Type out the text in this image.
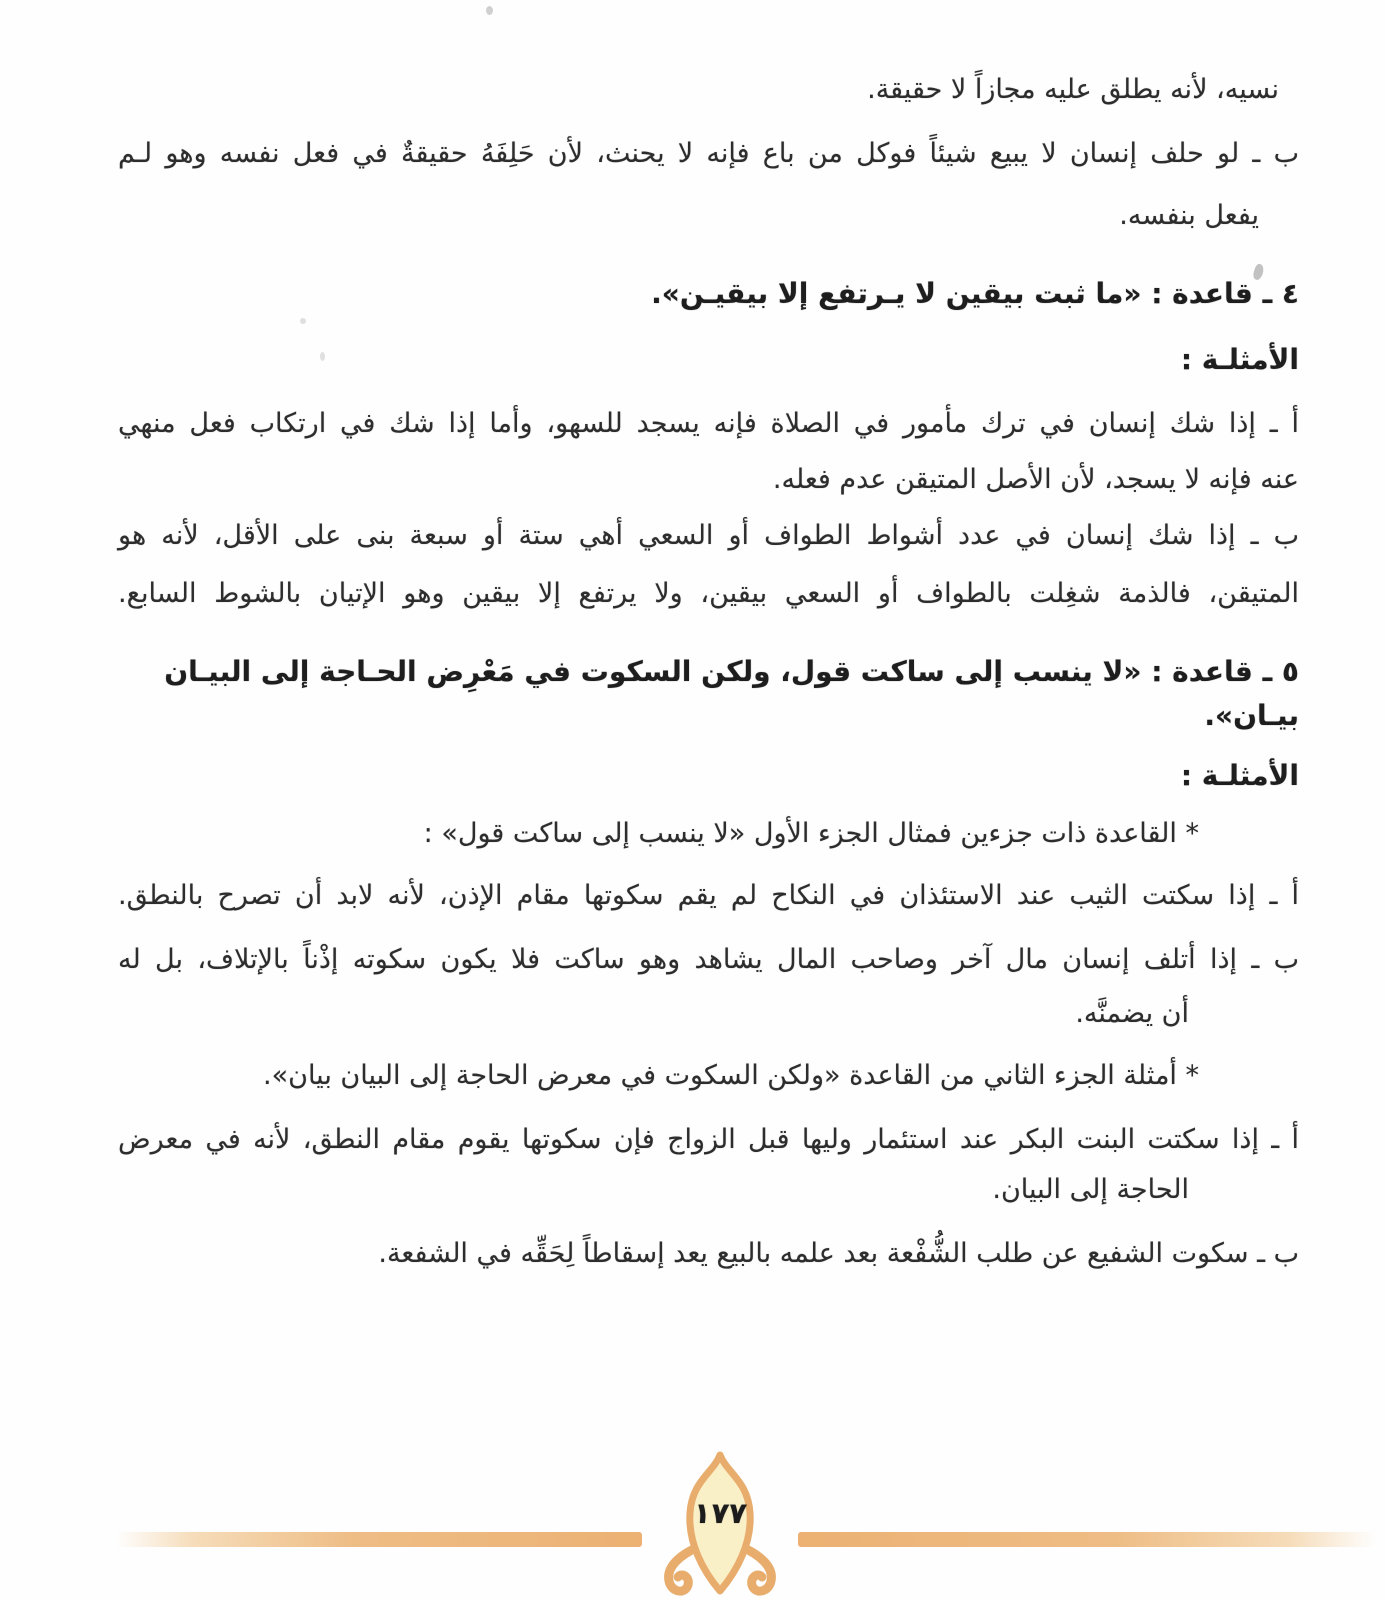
نسيه، لأنه يطلق عليه مجازاً لا حقيقة.

ب ـ لو حلف إنسان لا يبيع شيئاً فوكل من باع فإنه لا يحنث، لأن حَلِفَهُ حقيقةٌ في فعل نفسه وهو لـم

يفعل بنفسه.

٤ ـ قاعدة : «ما ثبت بيقين لا يـرتفع إلا بيقيـن».

الأمثلـة :

أ ـ إذا شك إنسان في ترك مأمور في الصلاة فإنه يسجد للسهو، وأما إذا شك في ارتكاب فعل منهي

عنه فإنه لا يسجد، لأن الأصل المتيقن عدم فعله.

ب ـ إذا شك إنسان في عدد أشواط الطواف أو السعي أهي ستة أو سبعة بنى على الأقل، لأنه هو

المتيقن، فالذمة شغِلت بالطواف أو السعي بيقين، ولا يرتفع إلا بيقين وهو الإتيان بالشوط السابع.

٥ ـ قاعدة : «لا ينسب إلى ساكت قول، ولكن السكوت في مَعْرِض الحـاجة إلى البيـان بيـان».

الأمثلـة :

* القاعدة ذات جزءين فمثال الجزء الأول «لا ينسب إلى ساكت قول» :

أ ـ إذا سكتت الثيب عند الاستئذان في النكاح لم يقم سكوتها مقام الإذن، لأنه لابد أن تصرح بالنطق.

ب ـ إذا أتلف إنسان مال آخر وصاحب المال يشاهد وهو ساكت فلا يكون سكوته إذْناً بالإتلاف، بل له

أن يضمنَّه.

* أمثلة الجزء الثاني من القاعدة «ولكن السكوت في معرض الحاجة إلى البيان بيان».

أ ـ إذا سكتت البنت البكر عند استئمار وليها قبل الزواج فإن سكوتها يقوم مقام النطق، لأنه في معرض

الحاجة إلى البيان.

ب ـ سكوت الشفيع عن طلب الشُّفْعة بعد علمه بالبيع يعد إسقاطاً لِحَقِّه في الشفعة.

١٧٧
